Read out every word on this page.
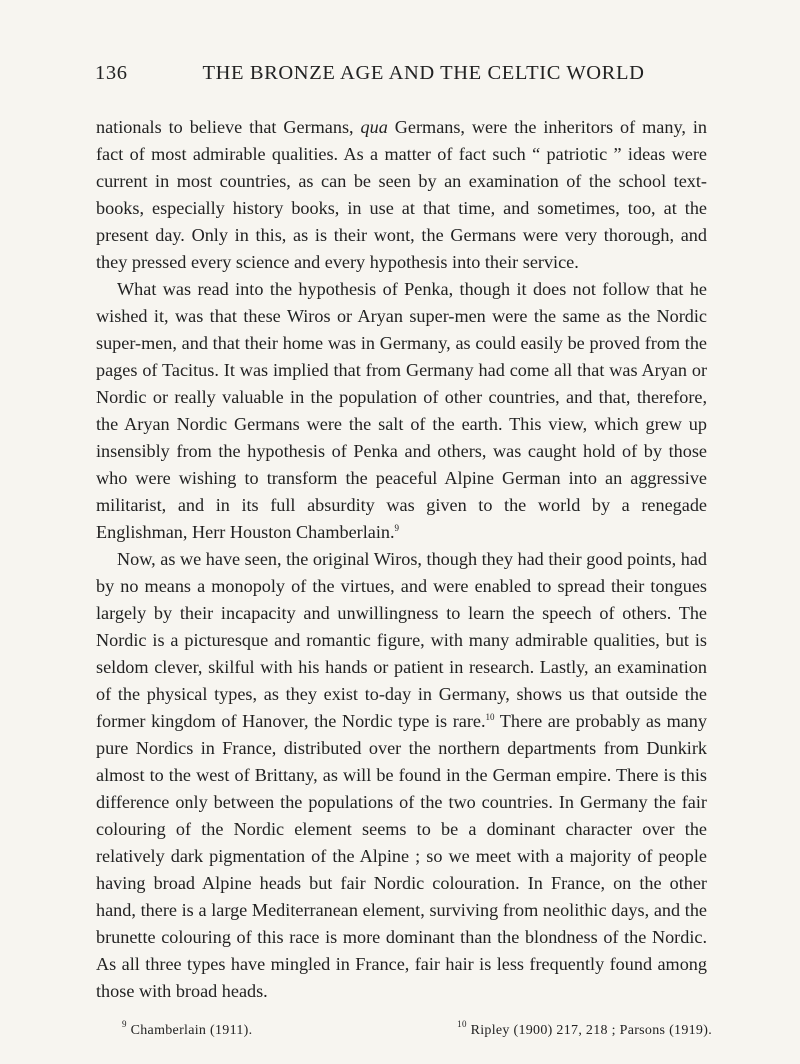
136	THE BRONZE AGE AND THE CELTIC WORLD

nationals to believe that Germans, qua Germans, were the inheritors of many, in fact of most admirable qualities. As a matter of fact such “ patriotic ” ideas were current in most countries, as can be seen by an examination of the school text-books, especially history books, in use at that time, and sometimes, too, at the present day. Only in this, as is their wont, the Germans were very thorough, and they pressed every science and every hypothesis into their service.

What was read into the hypothesis of Penka, though it does not follow that he wished it, was that these Wiros or Aryan super-men were the same as the Nordic super-men, and that their home was in Germany, as could easily be proved from the pages of Tacitus. It was implied that from Germany had come all that was Aryan or Nordic or really valuable in the population of other countries, and that, therefore, the Aryan Nordic Germans were the salt of the earth. This view, which grew up insensibly from the hypothesis of Penka and others, was caught hold of by those who were wishing to transform the peaceful Alpine German into an aggressive militarist, and in its full absurdity was given to the world by a renegade Englishman, Herr Houston Chamberlain.$^9$

Now, as we have seen, the original Wiros, though they had their good points, had by no means a monopoly of the virtues, and were enabled to spread their tongues largely by their incapacity and unwillingness to learn the speech of others. The Nordic is a picturesque and romantic figure, with many admirable qualities, but is seldom clever, skilful with his hands or patient in research. Lastly, an examination of the physical types, as they exist to-day in Germany, shows us that outside the former kingdom of Hanover, the Nordic type is rare.$^{10}$ There are probably as many pure Nordics in France, distributed over the northern departments from Dunkirk almost to the west of Brittany, as will be found in the German empire. There is this difference only between the populations of the two countries. In Germany the fair colouring of the Nordic element seems to be a dominant character over the relatively dark pigmentation of the Alpine ; so we meet with a majority of people having broad Alpine heads but fair Nordic colouration. In France, on the other hand, there is a large Mediterranean element, surviving from neolithic days, and the brunette colouring of this race is more dominant than the blondness of the Nordic. As all three types have mingled in France, fair hair is less frequently found among those with broad heads.

$^9$ Chamberlain (1911).	$^{10}$ Ripley (1900) 217, 218 ; Parsons (1919).
